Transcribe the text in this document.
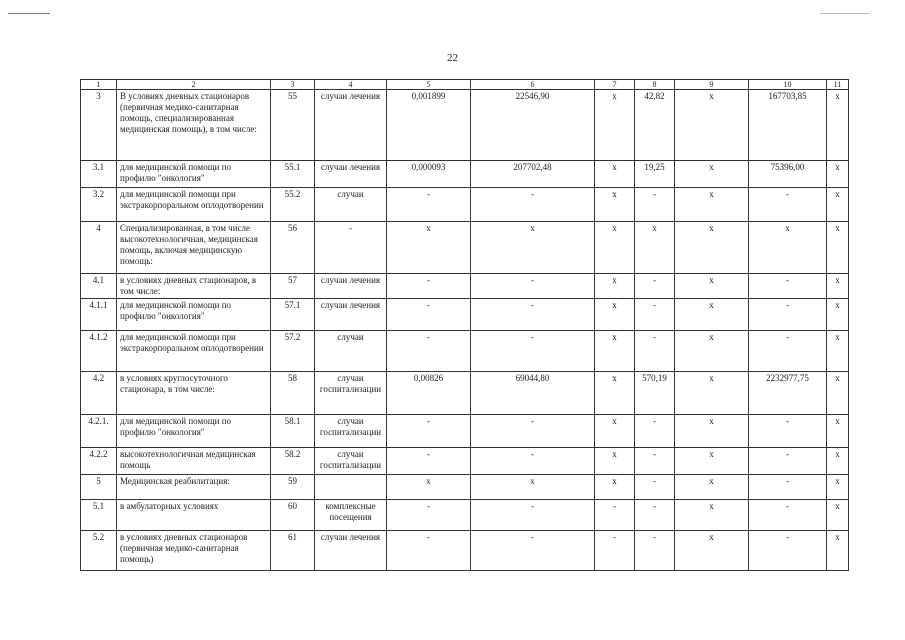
22
1	2	3	4	5	6	7	8	9	10	11
3	В условиях дневных стационаров (первичная медико-санитарная помощь, специализированная медицинская помощь), в том числе:	55	случаи лечения	0,001899	22546,90	х	42,82	х	167703,85	х
3.1	для медицинской помощи по профилю "онкология"	55.1	случаи лечения	0,000093	207702,48	х	19,25	х	75396,00	х
3.2	для медицинской помощи при экстракорпоральном оплодотворении	55.2	случаи	-	-	х	-	х	-	х
4	Специализированная, в том числе высокотехнологичная, медицинская помощь, включая медицинскую помощь:	56	-	х	х	х	х	х	х	х
4.1	в условиях дневных стационаров, в том числе:	57	случаи лечения	-	-	х	-	х	-	х
4.1.1	для медицинской помощи по профилю "онкология"	57.1	случаи лечения	-	-	х	-	х	-	х
4.1.2	для медицинской помощи при экстракорпоральном оплодотворении	57.2	случаи	-	-	х	-	х	-	х
4.2	в условиях круглосуточного стационара, в том числе:	58	случаи госпитализации	0,00826	69044,80	х	570,19	х	2232977,75	х
4.2.1.	для медицинской помощи по профилю "онкология"	58.1	случаи госпитализации	-	-	х	-	х	-	х
4.2.2	высокотехнологичная медицинская помощь	58.2	случаи госпитализации	-	-	х	-	х	-	х
5	Медицинская реабилитация:	59		х	х	х	-	х	-	х
5.1	в амбулаторных условиях	60	комплексные посещения	-	-	-	-	х	-	х
5.2	в условиях дневных стационаров (первичная медико-санитарная помощь)	61	случаи лечения	-	-	-	-	х	-	х
